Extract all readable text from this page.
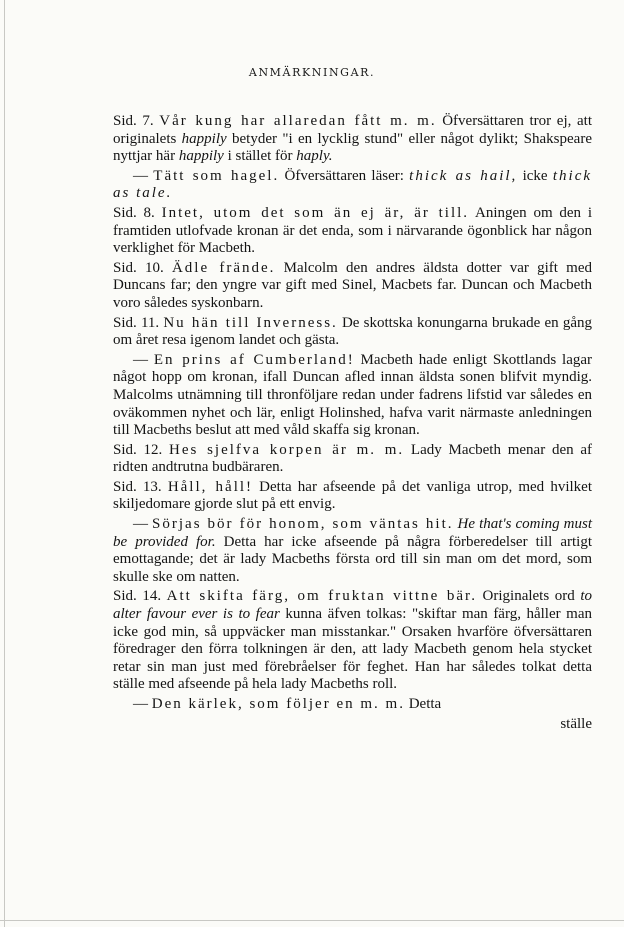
ANMÄRKNINGAR.

Sid. 7. Vår kung har allaredan fått m. m. Öfversättaren tror ej, att originalets happily betyder "i en lycklig stund" eller något dylikt; Shakspeare nyttjar här happily i stället för haply.

— Tätt som hagel. Öfversättaren läser: thick as hail, icke thick as tale.

Sid. 8. Intet, utom det som än ej är, är till. Aningen om den i framtiden utlofvade kronan är det enda, som i närvarande ögonblick har någon verklighet för Macbeth.

Sid. 10. Ädle frände. Malcolm den andres äldsta dotter var gift med Duncans far; den yngre var gift med Sinel, Macbets far. Duncan och Macbeth voro således syskonbarn.

Sid. 11. Nu hän till Inverness. De skottska konungarna brukade en gång om året resa igenom landet och gästa.

— En prins af Cumberland! Macbeth hade enligt Skottlands lagar något hopp om kronan, ifall Duncan afled innan äldsta sonen blifvit myndig. Malcolms utnämning till thronföljare redan under fadrens lifstid var således en oväkommen nyhet och lär, enligt Holinshed, hafva varit närmaste anledningen till Macbeths beslut att med våld skaffa sig kronan.

Sid. 12. Hes sjelfva korpen är m. m. Lady Macbeth menar den af ridten andtrutna budbäraren.

Sid. 13. Håll, håll! Detta har afseende på det vanliga utrop, med hvilket skiljedomare gjorde slut på ett envig.

— Sörjas bör för honom, som väntas hit. He that's coming must be provided for. Detta har icke afseende på några förberedelser till artigt emottagande; det är lady Macbeths första ord till sin man om det mord, som skulle ske om natten.

Sid. 14. Att skifta färg, om fruktan vittne bär. Originalets ord to alter favour ever is to fear kunna äfven tolkas: "skiftar man färg, håller man icke god min, så uppväcker man misstankar." Orsaken hvarföre öfversättaren föredrager den förra tolkningen är den, att lady Macbeth genom hela stycket retar sin man just med förebråelser för feghet. Han har således tolkat detta ställe med afseende på hela lady Macbeths roll.

— Den kärlek, som följer en m. m. Detta

ställe
